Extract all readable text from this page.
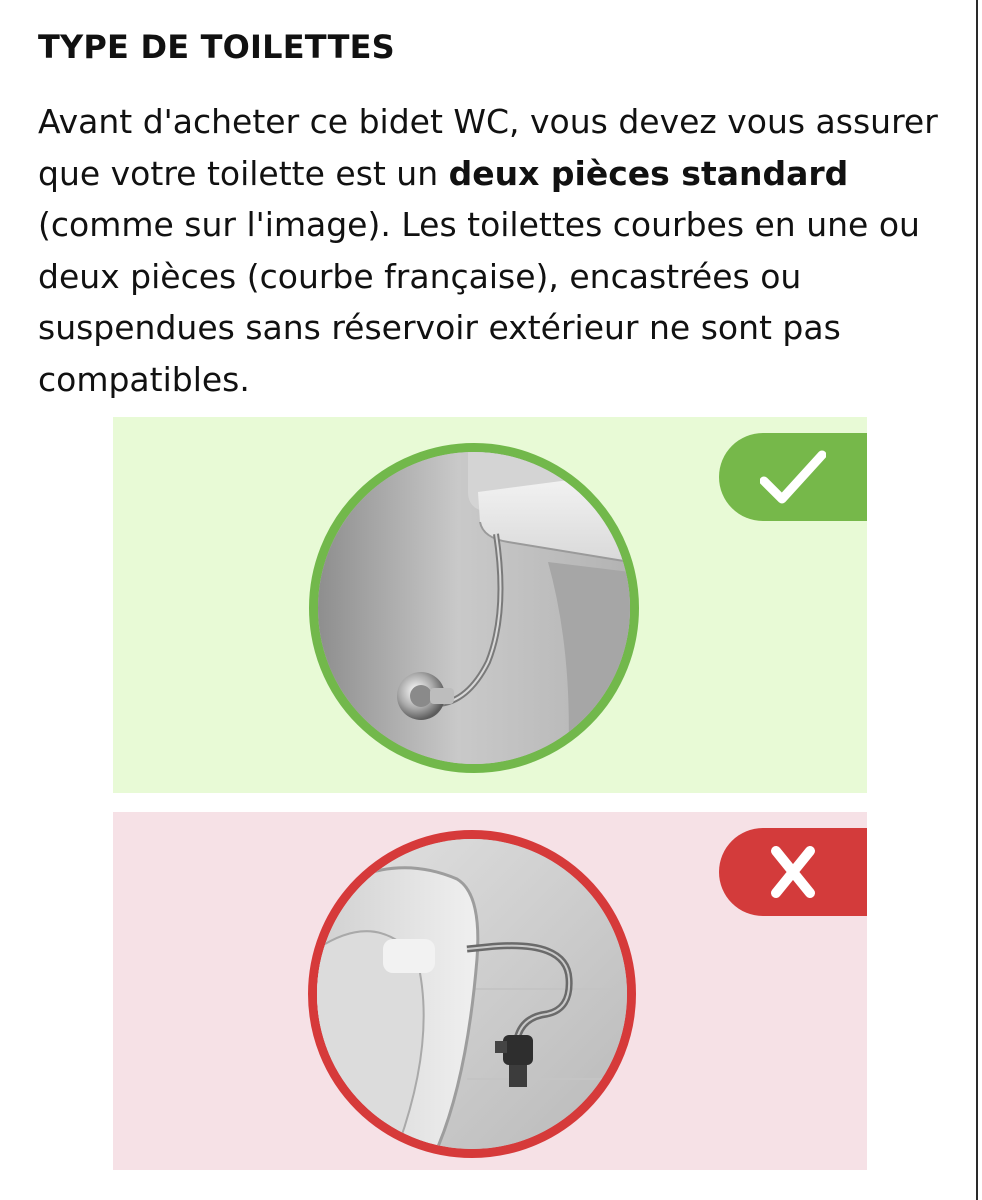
TYPE DE TOILETTES

Avant d'acheter ce bidet WC, vous devez vous assurer que votre toilette est un deux pièces standard (comme sur l'image). Les toilettes courbes en une ou deux pièces (courbe française), encastrées ou suspendues sans réservoir extérieur ne sont pas compatibles.
